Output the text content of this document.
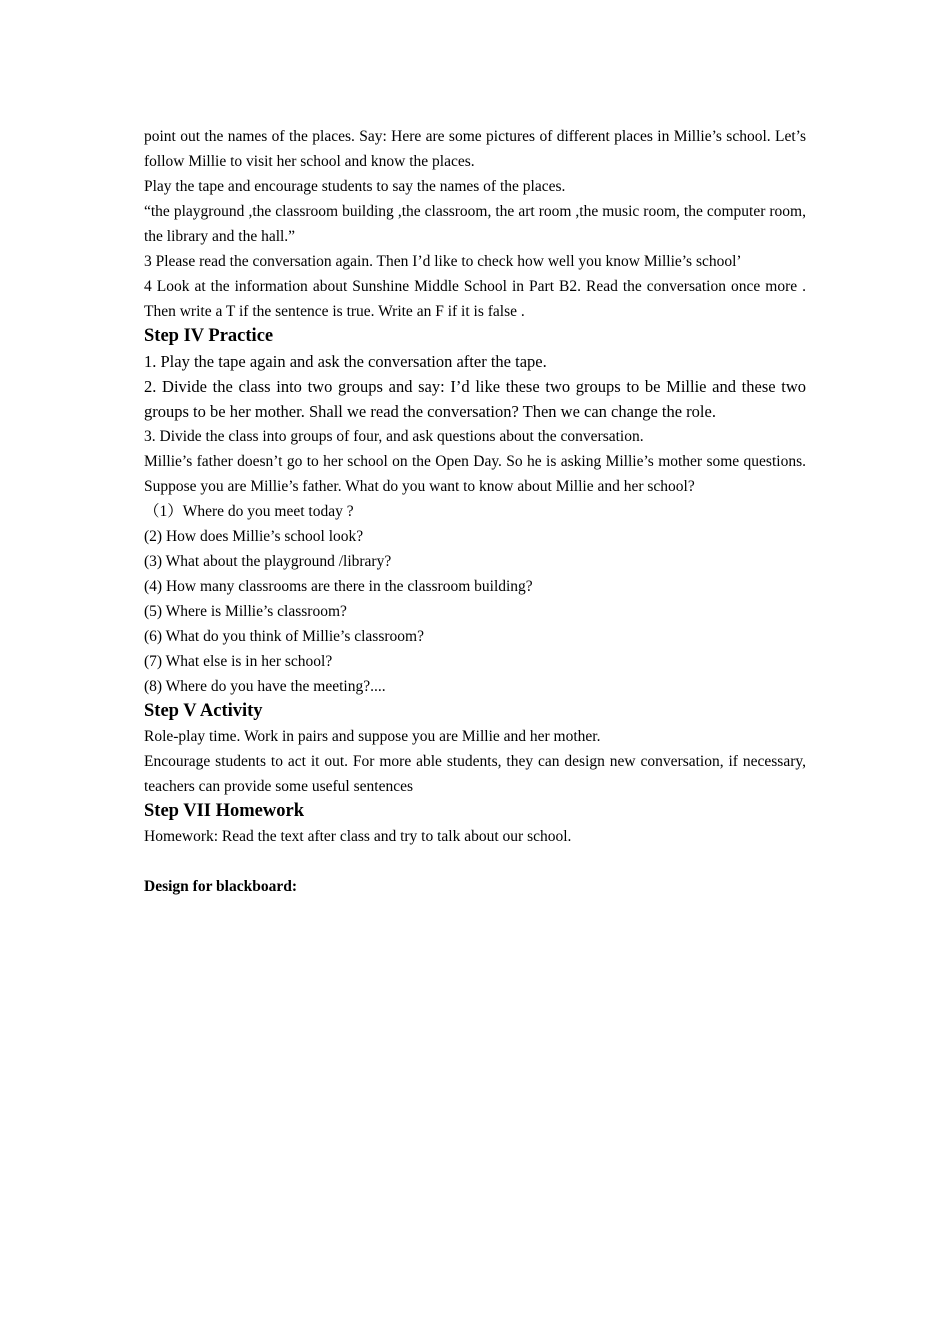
point out the names of the places. Say: Here are some pictures of different places in Millie’s school. Let’s follow Millie to visit her school and know the places.

Play the tape and encourage students to say the names of the places.

“the playground ,the classroom building ,the classroom, the art room ,the music room, the computer room, the library and the hall.”

3 Please read the conversation again. Then I’d like to check how well you know Millie’s school’

4 Look at the information about Sunshine Middle School in Part B2. Read the conversation once more . Then write a T if the sentence is true. Write an F if it is false .

Step IV Practice

1. Play the tape again and ask the conversation after the tape.

2. Divide the class into two groups and say: I’d like these two groups to be Millie and these two groups to be her mother. Shall we read the conversation? Then we can change the role.

3. Divide the class into groups of four, and ask questions about the conversation.

Millie’s father doesn’t go to her school on the Open Day. So he is asking Millie’s mother some questions. Suppose you are Millie’s father. What do you want to know about Millie and her school?

（1）Where do you meet today ?

(2) How does Millie’s school look?

(3) What about the playground /library?

(4) How many classrooms are there in the classroom building?

(5) Where is Millie’s classroom?

(6) What do you think of Millie’s classroom?

(7) What else is in her school?

(8) Where do you have the meeting?....

Step V Activity

Role-play time. Work in pairs and suppose you are Millie and her mother.

Encourage students to act it out. For more able students, they can design new conversation, if necessary, teachers can provide some useful sentences

Step VII Homework

Homework: Read the text after class and try to talk about our school.

Design for blackboard:
